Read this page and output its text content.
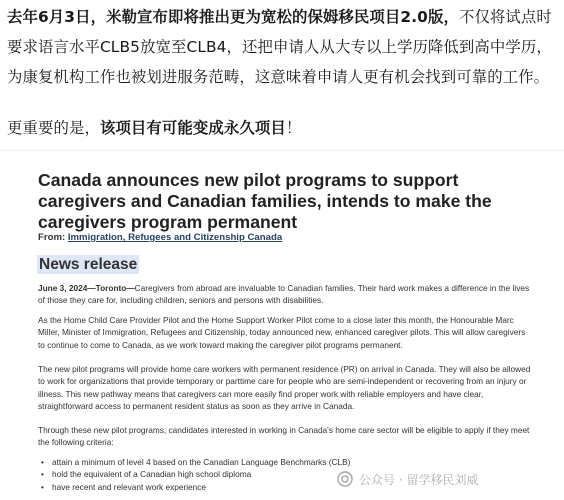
去年6月3日，米勒宣布即将推出更为宽松的保姆移民项目2.0版，不仅将试点时要求语言水平CLB5放宽至CLB4，还把申请人从大专以上学历降低到高中学历，为康复机构工作也被划进服务范畴，这意味着申请人更有机会找到可靠的工作。

更重要的是，该项目有可能变成永久项目！

Canada announces new pilot programs to support caregivers and Canadian families, intends to make the caregivers program permanent
From: Immigration, Refugees and Citizenship Canada
News release
June 3, 2024—Toronto—Caregivers from abroad are invaluable to Canadian families. Their hard work makes a difference in the lives of those they care for, including children, seniors and persons with disabilities.
As the Home Child Care Provider Pilot and the Home Support Worker Pilot come to a close later this month, the Honourable Marc Miller, Minister of Immigration, Refugees and Citizenship, today announced new, enhanced caregiver pilots. This will allow caregivers to continue to come to Canada, as we work toward making the caregiver pilot programs permanent.
The new pilot programs will provide home care workers with permanent residence (PR) on arrival in Canada. They will also be allowed to work for organizations that provide temporary or parttime care for people who are semi-independent or recovering from an injury or illness. This new pathway means that caregivers can more easily find proper work with reliable employers and have clear, straightforward access to permanent resident status as soon as they arrive in Canada.
Through these new pilot programs, candidates interested in working in Canada's home care sector will be eligible to apply if they meet the following criteria:
• attain a minimum of level 4 based on the Canadian Language Benchmarks (CLB)
• hold the equivalent of a Canadian high school diploma
• have recent and relevant work experience
公众号 · 留学移民刘威
